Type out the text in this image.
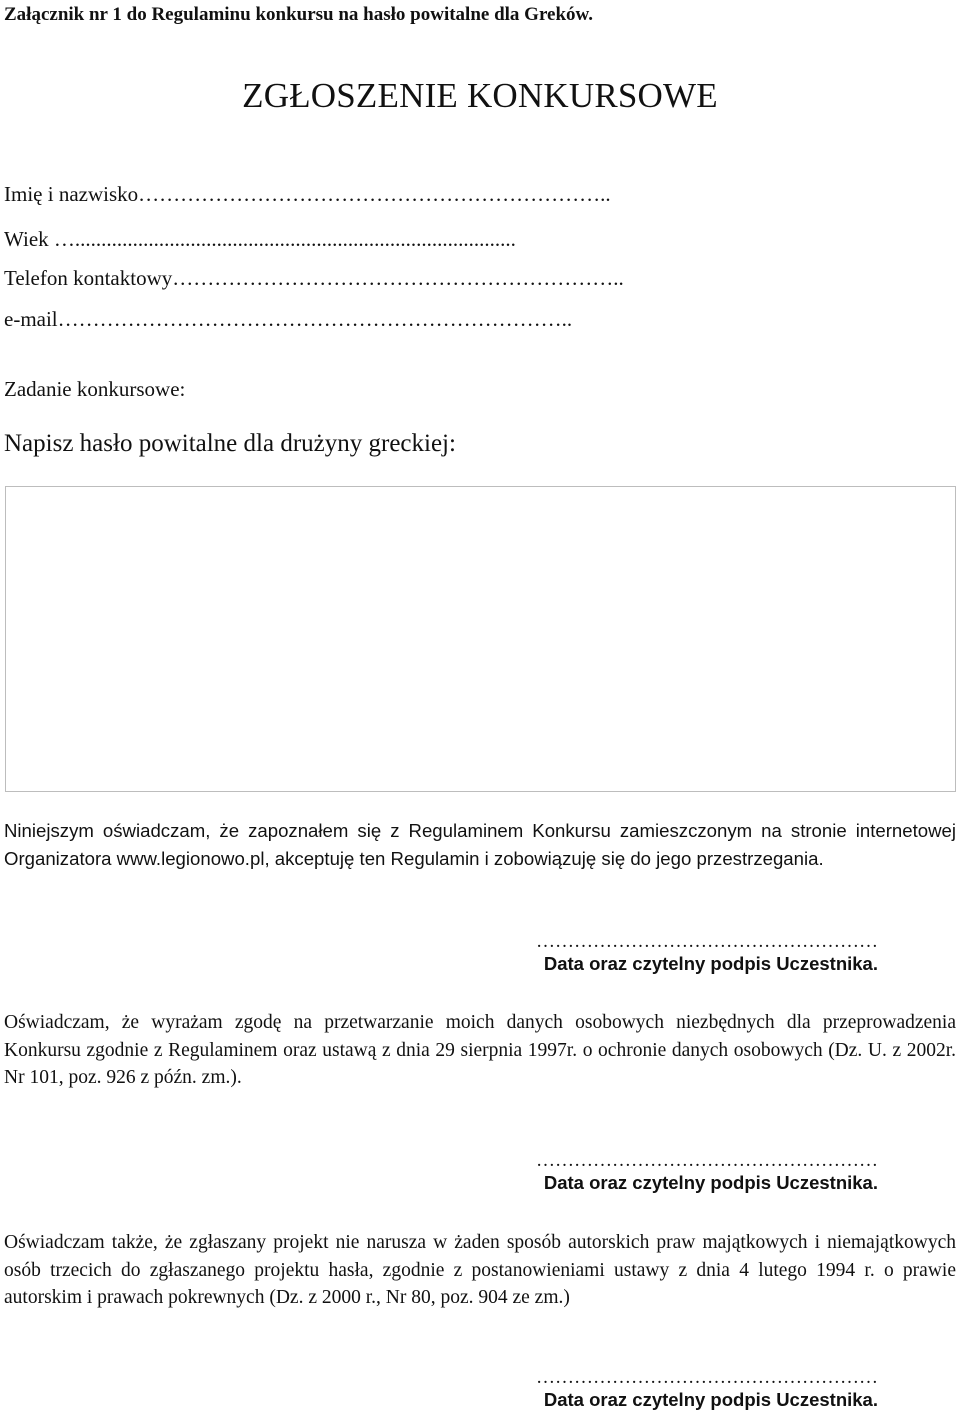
Załącznik nr 1 do Regulaminu konkursu na hasło powitalne dla Greków.
ZGŁOSZENIE KONKURSOWE
Imię i nazwisko…………………………………………………………..
Wiek …....................................................................................
Telefon kontaktowy………………………………………………………..
e-mail………………………………………………………………..
Zadanie konkursowe:
Napisz hasło powitalne dla drużyny greckiej:
Niniejszym oświadczam, że zapoznałem się z Regulaminem Konkursu zamieszczonym na stronie internetowej Organizatora www.legionowo.pl, akceptuję ten Regulamin i zobowiązuję się do jego przestrzegania.
………………………………………………
Data oraz czytelny podpis Uczestnika.
Oświadczam, że wyrażam zgodę na przetwarzanie moich danych osobowych niezbędnych dla przeprowadzenia Konkursu zgodnie z Regulaminem oraz ustawą z dnia 29 sierpnia 1997r. o ochronie danych osobowych (Dz. U. z 2002r. Nr 101, poz. 926 z późn. zm.).
………………………………………………
Data oraz czytelny podpis Uczestnika.
Oświadczam także, że zgłaszany projekt nie narusza w żaden sposób autorskich praw majątkowych i niemajątkowych osób trzecich do zgłaszanego projektu hasła, zgodnie z postanowieniami ustawy z dnia 4 lutego 1994 r. o prawie autorskim i prawach pokrewnych (Dz. z 2000 r., Nr 80, poz. 904 ze zm.)
………………………………………………
Data oraz czytelny podpis Uczestnika.
